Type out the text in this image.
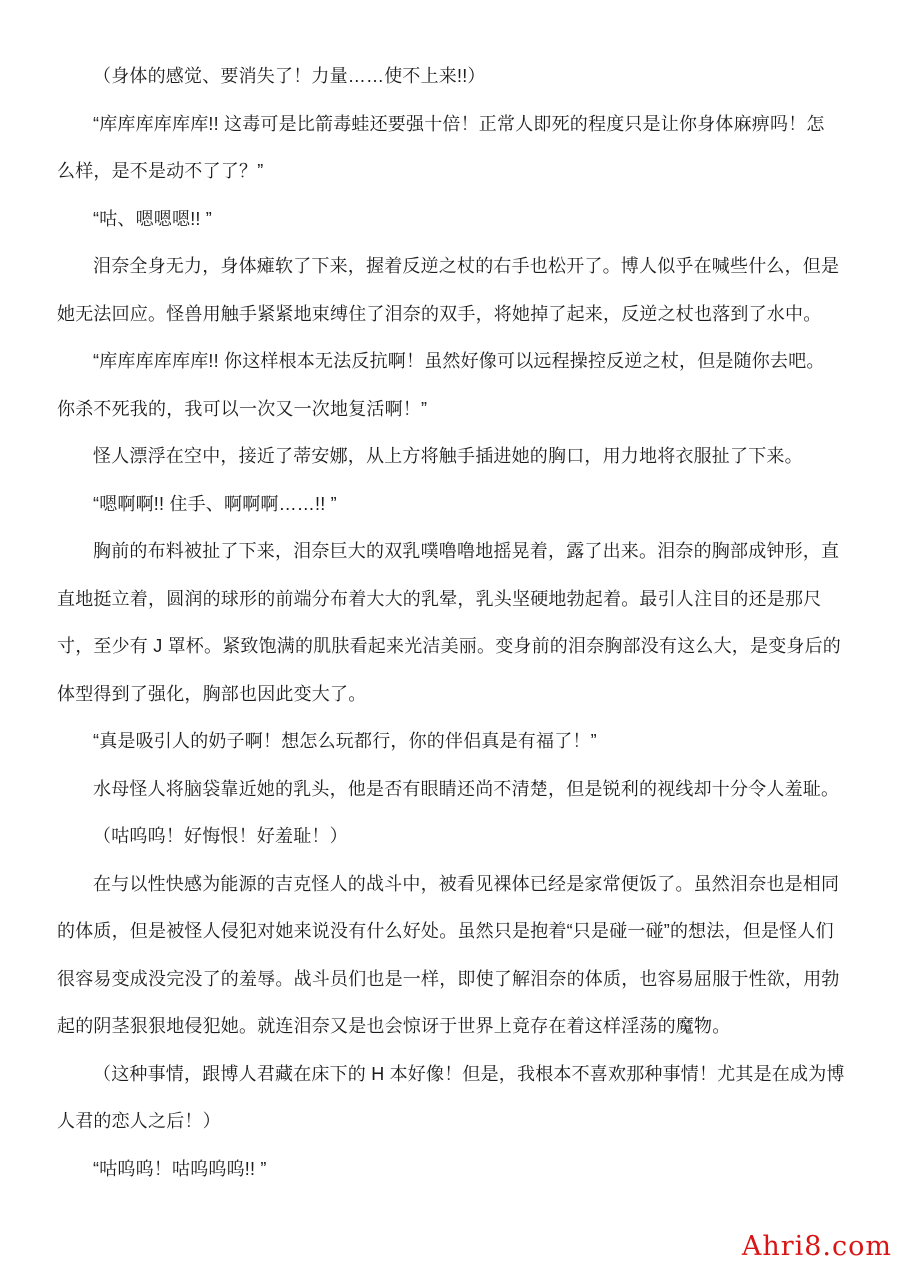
（身体的感觉、要消失了！力量……使不上来!!）
“库库库库库库!! 这毒可是比箭毒蛙还要强十倍！正常人即死的程度只是让你身体麻痹吗！怎
么样，是不是动不了了？”
“咕、嗯嗯嗯!! ”
泪奈全身无力，身体瘫软了下来，握着反逆之杖的右手也松开了。博人似乎在喊些什么，但是
她无法回应。怪兽用触手紧紧地束缚住了泪奈的双手，将她掉了起来，反逆之杖也落到了水中。
“库库库库库库!! 你这样根本无法反抗啊！虽然好像可以远程操控反逆之杖，但是随你去吧。
你杀不死我的，我可以一次又一次地复活啊！”
怪人漂浮在空中，接近了蒂安娜，从上方将触手插进她的胸口，用力地将衣服扯了下来。
“嗯啊啊!! 住手、啊啊啊……!! ”
胸前的布料被扯了下来，泪奈巨大的双乳噗噜噜地摇晃着，露了出来。泪奈的胸部成钟形，直
直地挺立着，圆润的球形的前端分布着大大的乳晕，乳头坚硬地勃起着。最引人注目的还是那尺
寸，至少有 J 罩杯。紧致饱满的肌肤看起来光洁美丽。变身前的泪奈胸部没有这么大，是变身后的
体型得到了强化，胸部也因此变大了。
“真是吸引人的奶子啊！想怎么玩都行，你的伴侣真是有福了！”
水母怪人将脑袋靠近她的乳头，他是否有眼睛还尚不清楚，但是锐利的视线却十分令人羞耻。
（咕呜呜！好悔恨！好羞耻！）
在与以性快感为能源的吉克怪人的战斗中，被看见裸体已经是家常便饭了。虽然泪奈也是相同
的体质，但是被怪人侵犯对她来说没有什么好处。虽然只是抱着“只是碰一碰”的想法，但是怪人们
很容易变成没完没了的羞辱。战斗员们也是一样，即使了解泪奈的体质，也容易屈服于性欲，用勃
起的阴茎狠狠地侵犯她。就连泪奈又是也会惊讶于世界上竟存在着这样淫荡的魔物。
（这种事情，跟博人君藏在床下的 H 本好像！但是，我根本不喜欢那种事情！尤其是在成为博
人君的恋人之后！）
“咕呜呜！咕呜呜呜!! ”
Ahri8.com
